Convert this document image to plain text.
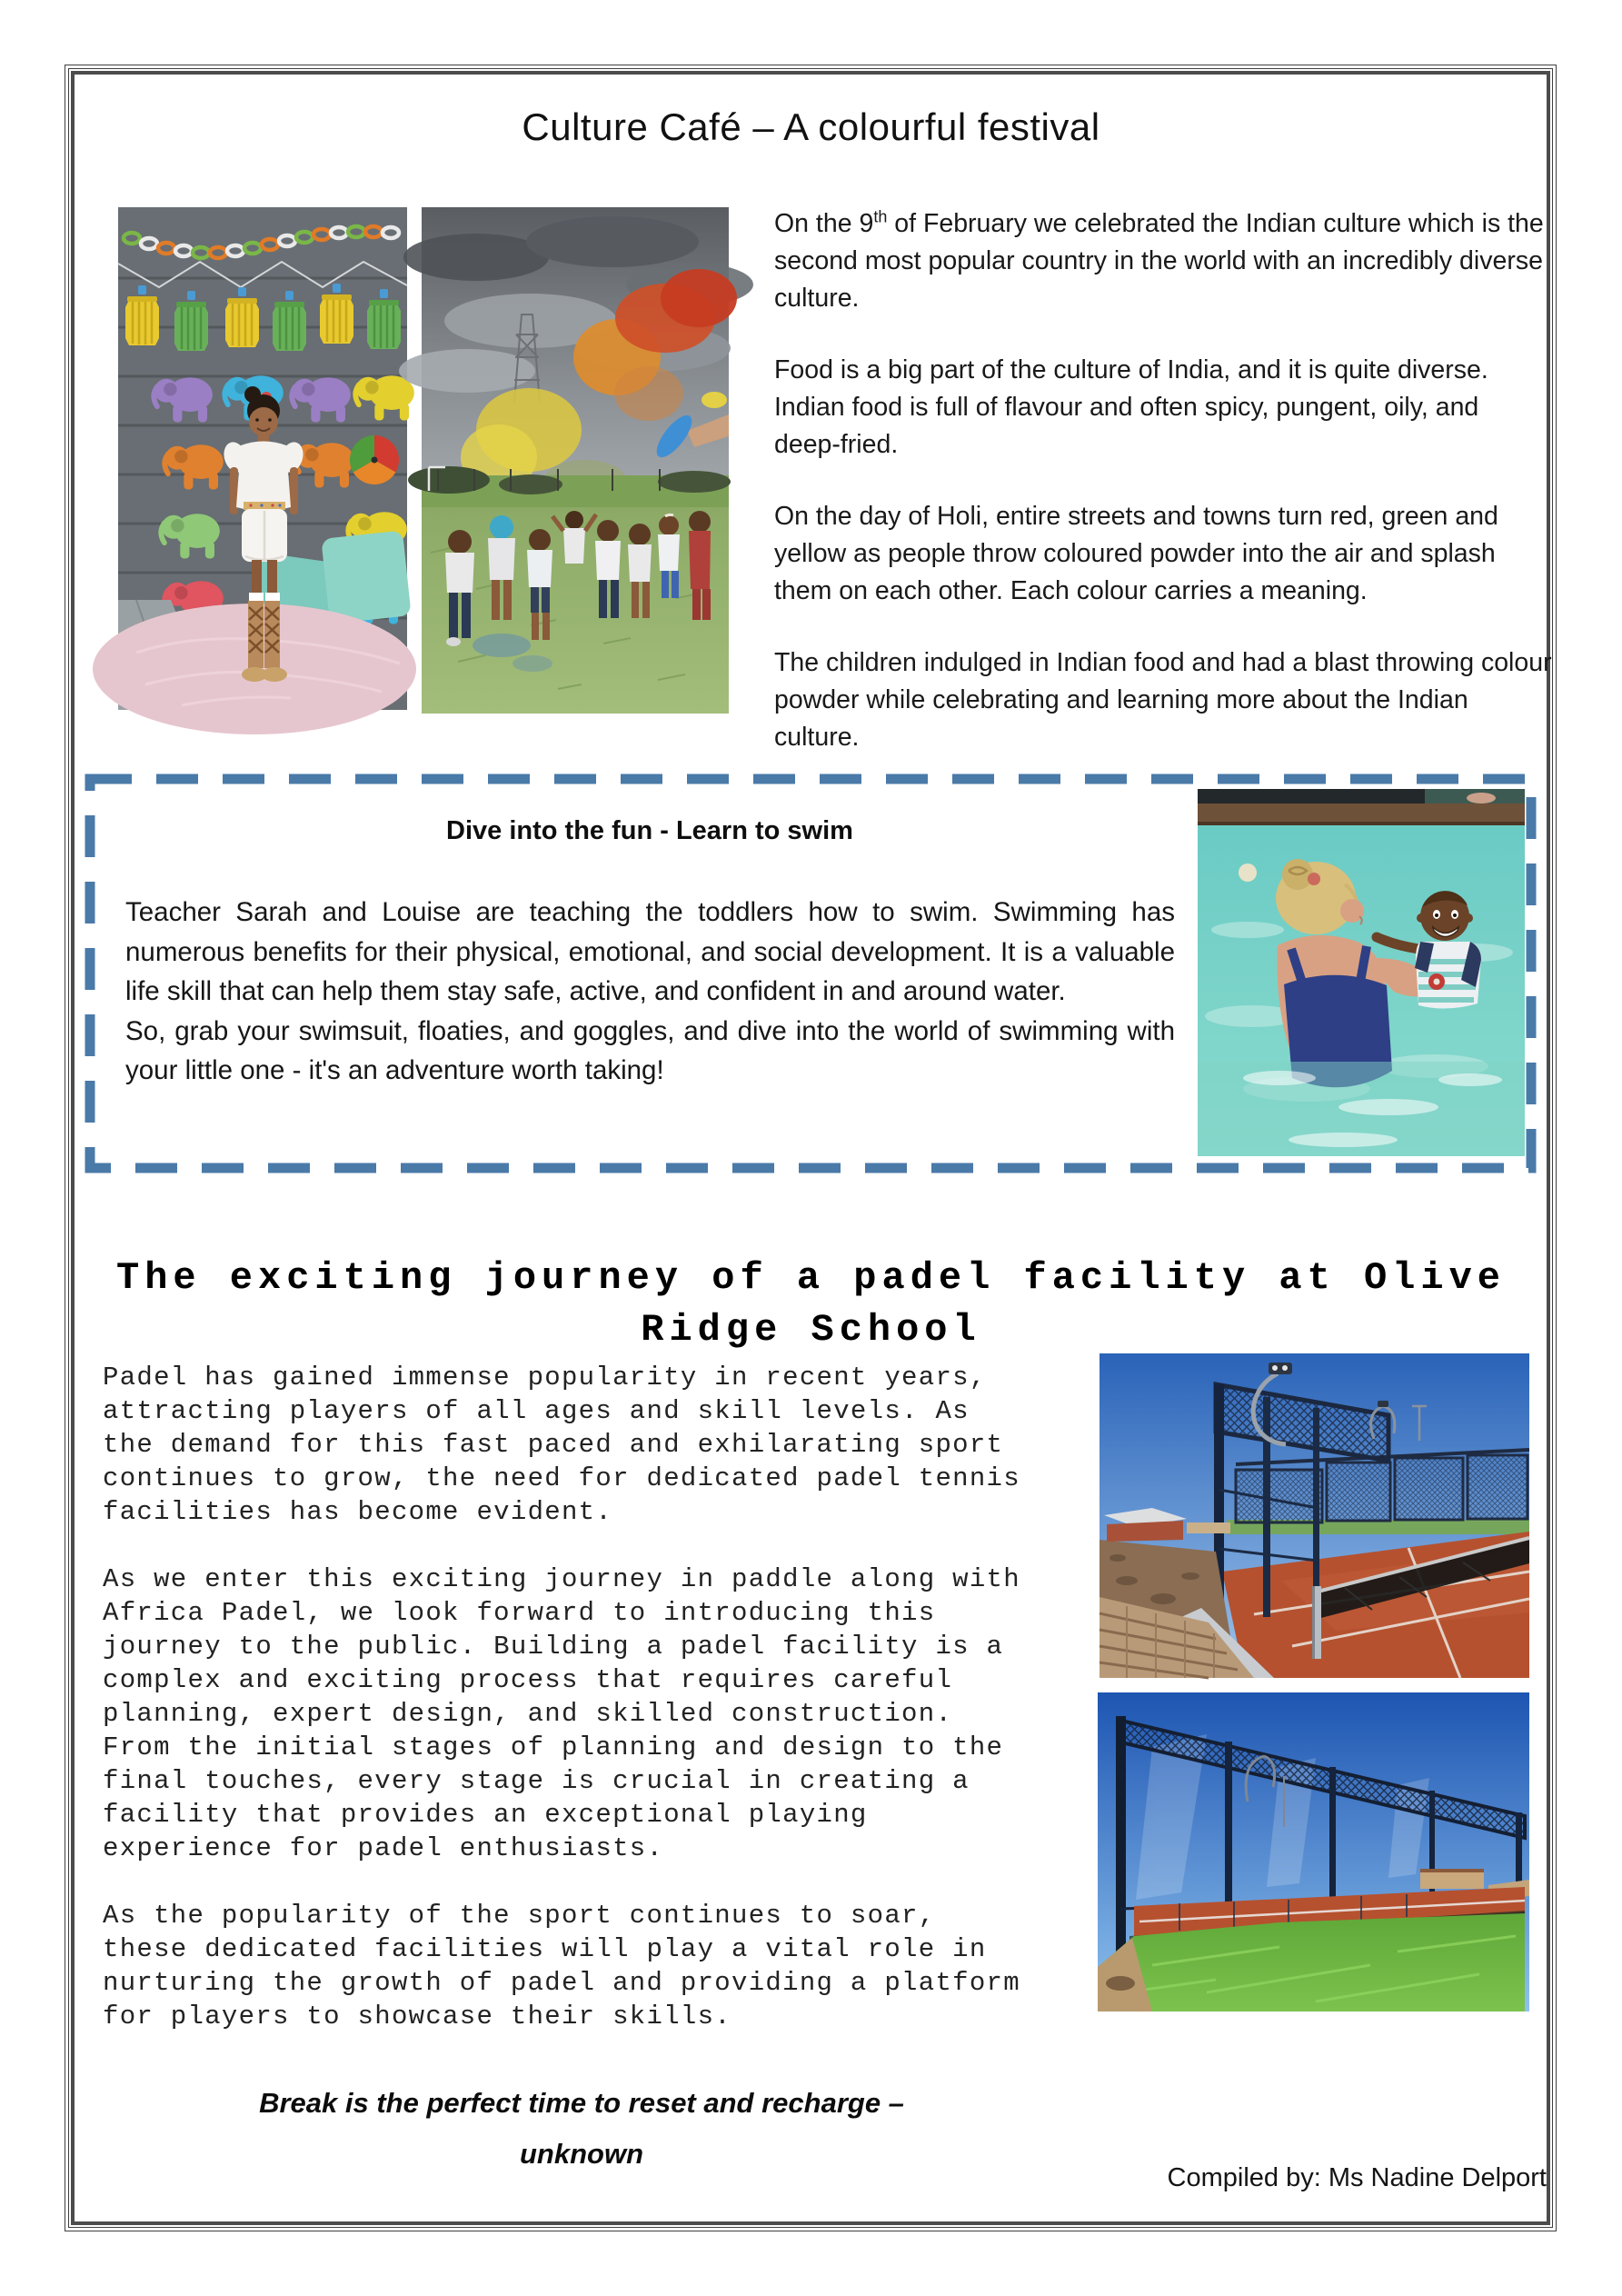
Culture Café – A colourful festival

On the 9th of February we celebrated the Indian culture which is the second most popular country in the world with an incredibly diverse culture.

Food is a big part of the culture of India, and it is quite diverse. Indian food is full of flavour and often spicy, pungent, oily, and deep-fried.

On the day of Holi, entire streets and towns turn red, green and yellow as people throw coloured powder into the air and splash them on each other. Each colour carries a meaning.

The children indulged in Indian food and had a blast throwing colour powder while celebrating and learning more about the Indian culture.

Dive into the fun - Learn to swim

Teacher Sarah and Louise are teaching the toddlers how to swim. Swimming has numerous benefits for their physical, emotional, and social development. It is a valuable life skill that can help them stay safe, active, and confident in and around water.

So, grab your swimsuit, floaties, and goggles, and dive into the world of swimming with your little one - it's an adventure worth taking!

The exciting journey of a padel facility at Olive
Ridge School

Padel has gained immense popularity in recent years, attracting players of all ages and skill levels. As the demand for this fast paced and exhilarating sport continues to grow, the need for dedicated padel tennis facilities has become evident.

As we enter this exciting journey in paddle along with Africa Padel, we look forward to introducing this journey to the public. Building a padel facility is a complex and exciting process that requires careful planning, expert design, and skilled construction. From the initial stages of planning and design to the final touches, every stage is crucial in creating a facility that provides an exceptional playing experience for padel enthusiasts.

As the popularity of the sport continues to soar, these dedicated facilities will play a vital role in nurturing the growth of padel and providing a platform for players to showcase their skills.

Break is the perfect time to reset and recharge –
unknown
Compiled by: Ms Nadine Delport
